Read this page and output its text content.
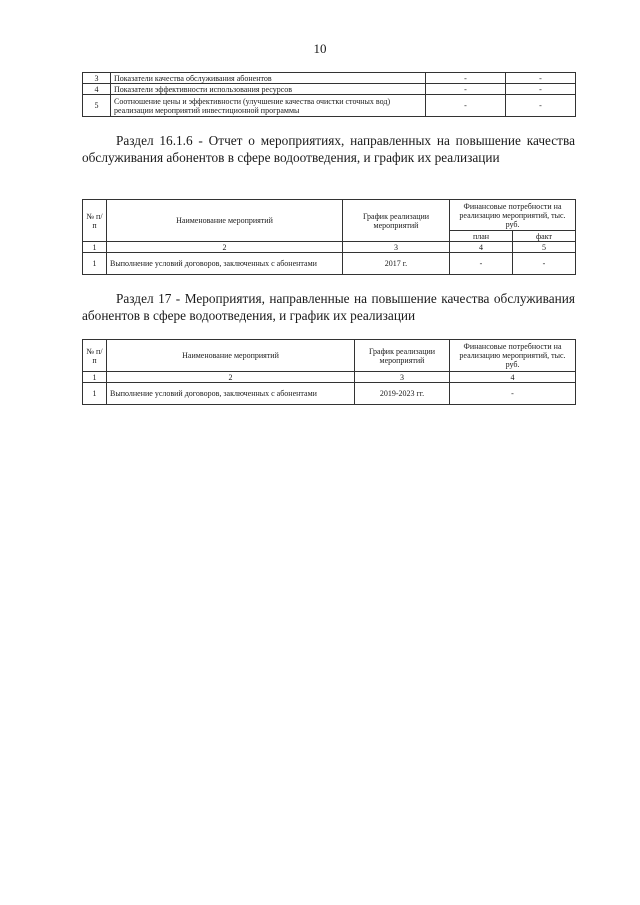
10
3	Показатели качества обслуживания абонентов	-	-
4	Показатели эффективности использования ресурсов	-	-
5	Соотношение цены и эффективности (улучшение качества очистки сточных вод) реализации мероприятий инвестиционной программы	-	-

Раздел 16.1.6 - Отчет о мероприятиях, направленных на повышение качества обслуживания абонентов в сфере водоотведения, и график их реализации

№ п/п	Наименование мероприятий	График реализации мероприятий	Финансовые потребности на реализацию мероприятий, тыс. руб.	
			план	факт
1	2	3	4	5
1	Выполнение условий договоров, заключенных с абонентами	2017 г.	-	-

Раздел 17 - Мероприятия, направленные на повышение качества обслуживания абонентов в сфере водоотведения, и график их реализации

№ п/п	Наименование мероприятий	График реализации мероприятий	Финансовые потребности на реализацию мероприятий, тыс. руб.
1	2	3	4
1	Выполнение условий договоров, заключенных с абонентами	2019-2023 гг.	-
